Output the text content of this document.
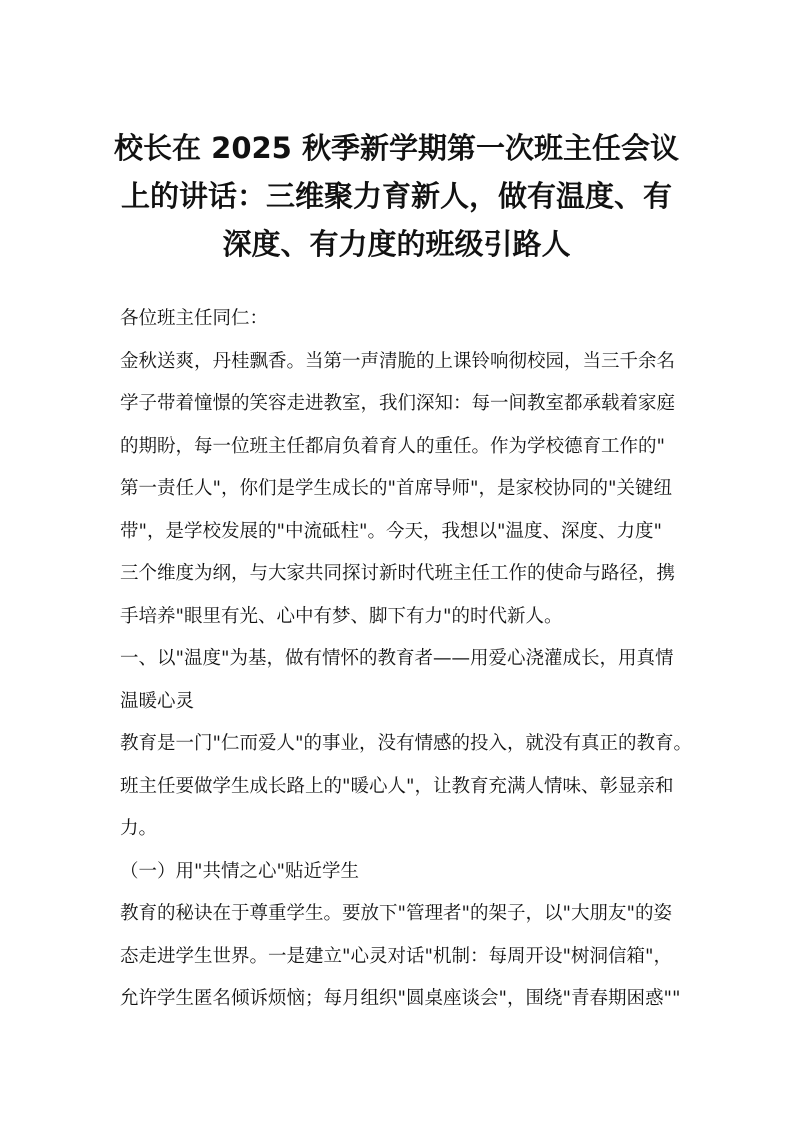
校长在 2025 秋季新学期第一次班主任会议
上的讲话：三维聚力育新人，做有温度、有
深度、有力度的班级引路人
各位班主任同仁：
金秋送爽，丹桂飘香。当第一声清脆的上课铃响彻校园，当三千余名
学子带着憧憬的笑容走进教室，我们深知：每一间教室都承载着家庭
的期盼，每一位班主任都肩负着育人的重任。作为学校德育工作的"
第一责任人"，你们是学生成长的"首席导师"，是家校协同的"关键纽
带"，是学校发展的"中流砥柱"。今天，我想以"温度、深度、力度"
三个维度为纲，与大家共同探讨新时代班主任工作的使命与路径，携
手培养"眼里有光、心中有梦、脚下有力"的时代新人。
一、以"温度"为基，做有情怀的教育者——用爱心浇灌成长，用真情
温暖心灵
教育是一门"仁而爱人"的事业，没有情感的投入，就没有真正的教育。
班主任要做学生成长路上的"暖心人"，让教育充满人情味、彰显亲和
力。
（一）用"共情之心"贴近学生
教育的秘诀在于尊重学生。要放下"管理者"的架子，以"大朋友"的姿
态走进学生世界。一是建立"心灵对话"机制：每周开设"树洞信箱"，
允许学生匿名倾诉烦恼；每月组织"圆桌座谈会"，围绕"青春期困惑""
